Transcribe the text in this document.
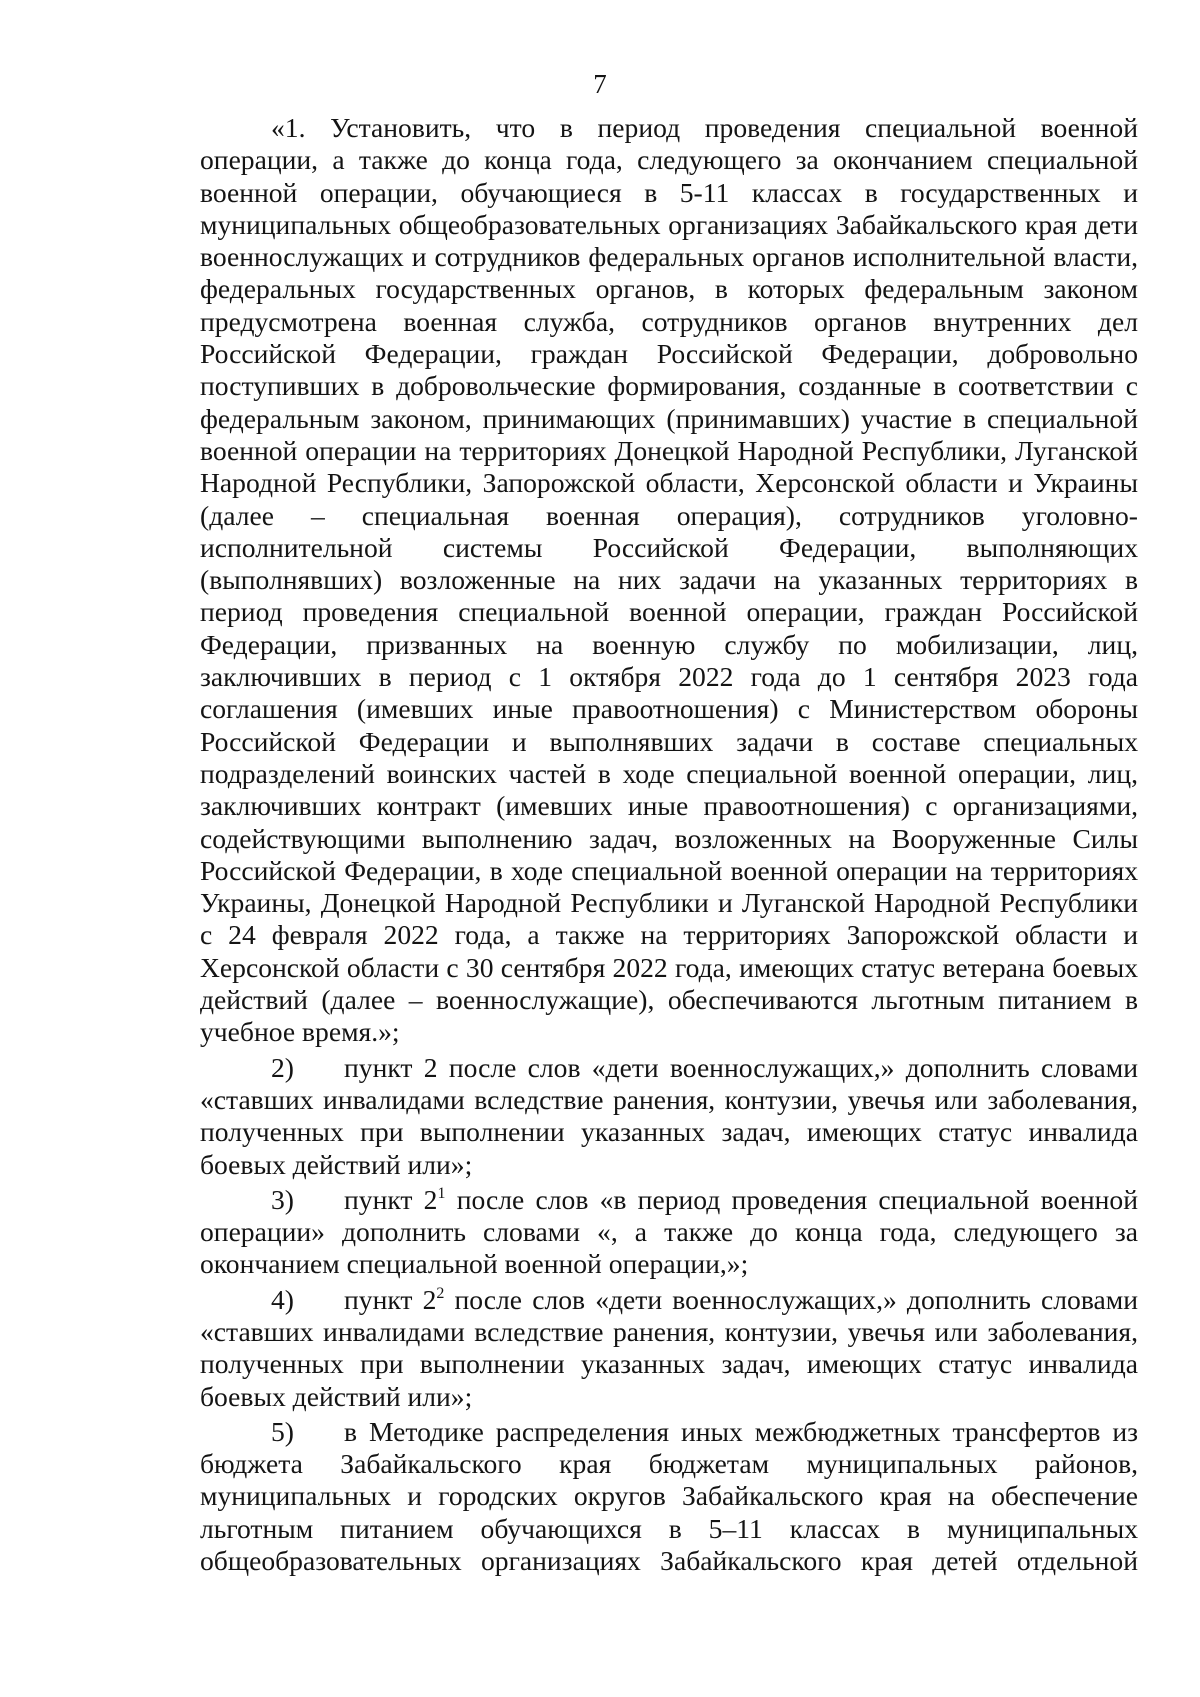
7

«1. Установить, что в период проведения специальной военной операции, а также до конца года, следующего за окончанием специальной военной операции, обучающиеся в 5-11 классах в государственных и муниципальных общеобразовательных организациях Забайкальского края дети военнослужащих и сотрудников федеральных органов исполнительной власти, федеральных государственных органов, в которых федеральным законом предусмотрена военная служба, сотрудников органов внутренних дел Российской Федерации, граждан Российской Федерации, добровольно поступивших в добровольческие формирования, созданные в соответствии с федеральным законом, принимающих (принимавших) участие в специальной военной операции на территориях Донецкой Народной Республики, Луганской Народной Республики, Запорожской области, Херсонской области и Украины (далее – специальная военная операция), сотрудников уголовно-исполнительной системы Российской Федерации, выполняющих (выполнявших) возложенные на них задачи на указанных территориях в период проведения специальной военной операции, граждан Российской Федерации, призванных на военную службу по мобилизации, лиц, заключивших в период с 1 октября 2022 года до 1 сентября 2023 года соглашения (имевших иные правоотношения) с Министерством обороны Российской Федерации и выполнявших задачи в составе специальных подразделений воинских частей в ходе специальной военной операции, лиц, заключивших контракт (имевших иные правоотношения) с организациями, содействующими выполнению задач, возложенных на Вооруженные Силы Российской Федерации, в ходе специальной военной операции на территориях Украины, Донецкой Народной Республики и Луганской Народной Республики с 24 февраля 2022 года, а также на территориях Запорожской области и Херсонской области с 30 сентября 2022 года, имеющих статус ветерана боевых действий (далее – военнослужащие), обеспечиваются льготным питанием в учебное время.»;

2) пункт 2 после слов «дети военнослужащих,» дополнить словами «ставших инвалидами вследствие ранения, контузии, увечья или заболевания, полученных при выполнении указанных задач, имеющих статус инвалида боевых действий или»;

3) пункт $2^1$ после слов «в период проведения специальной военной операции» дополнить словами «, а также до конца года, следующего за окончанием специальной военной операции,»;

4) пункт $2^2$ после слов «дети военнослужащих,» дополнить словами «ставших инвалидами вследствие ранения, контузии, увечья или заболевания, полученных при выполнении указанных задач, имеющих статус инвалида боевых действий или»;

5) в Методике распределения иных межбюджетных трансфертов из бюджета Забайкальского края бюджетам муниципальных районов, муниципальных и городских округов Забайкальского края на обеспечение льготным питанием обучающихся в 5–11 классах в муниципальных общеобразовательных организациях Забайкальского края детей отдельной
